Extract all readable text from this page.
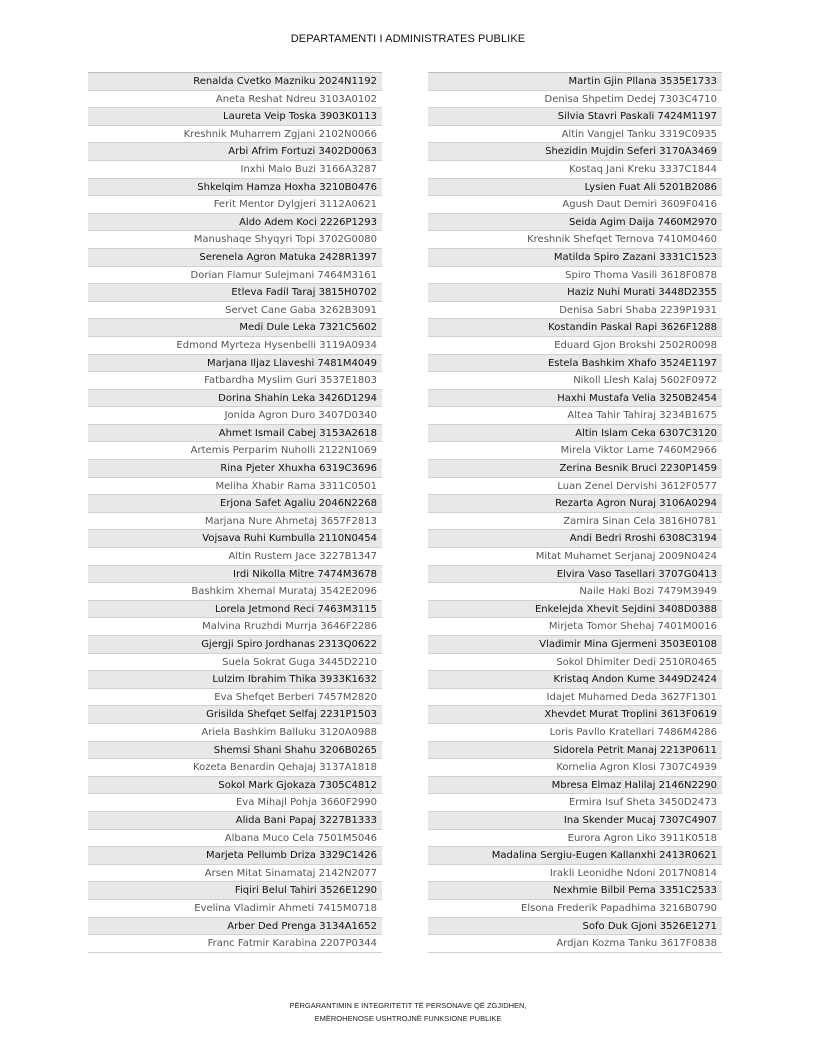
DEPARTAMENTI I ADMINISTRATES PUBLIKE
Renalda Cvetko Mazniku 2024N1192
Aneta Reshat Ndreu 3103A0102
Laureta Veip Toska 3903K0113
Kreshnik Muharrem Zgjani 2102N0066
Arbi Afrim Fortuzi 3402D0063
Inxhi Malo Buzi 3166A3287
Shkelqim Hamza Hoxha 3210B0476
Ferit Mentor Dylgjeri 3112A0621
Aldo Adem Koci 2226P1293
Manushaqe Shyqyri Topi 3702G0080
Serenela Agron Matuka 2428R1397
Dorian Flamur Sulejmani 7464M3161
Etleva Fadil Taraj 3815H0702
Servet Cane Gaba 3262B3091
Medi Dule Leka 7321C5602
Edmond Myrteza Hysenbelli 3119A0934
Marjana Iljaz Llaveshi 7481M4049
Fatbardha Myslim Guri 3537E1803
Dorina Shahin Leka 3426D1294
Jonida Agron Duro 3407D0340
Ahmet Ismail Cabej 3153A2618
Artemis Perparim Nuholli 2122N1069
Rina Pjeter Xhuxha 6319C3696
Meliha Xhabir Rama 3311C0501
Erjona Safet Agaliu 2046N2268
Marjana Nure Ahmetaj 3657F2813
Vojsava Ruhi Kumbulla 2110N0454
Altin Rustem Jace 3227B1347
Irdi Nikolla Mitre 7474M3678
Bashkim Xhemal Murataj 3542E2096
Lorela Jetmond Reci 7463M3115
Malvina Rruzhdi Murrja 3646F2286
Gjergji Spiro Jordhanas 2313Q0622
Suela Sokrat Guga 3445D2210
Lulzim Ibrahim Thika 3933K1632
Eva Shefqet Berberi 7457M2820
Grisilda Shefqet Selfaj 2231P1503
Ariela Bashkim Balluku 3120A0988
Shemsi Shani Shahu 3206B0265
Kozeta Benardin Qehajaj 3137A1818
Sokol Mark Gjokaza 7305C4812
Eva Mihajl Pohja 3660F2990
Alida Bani Papaj 3227B1333
Albana Muco Cela 7501M5046
Marjeta Pellumb Driza 3329C1426
Arsen Mitat Sinamataj 2142N2077
Fiqiri Belul Tahiri 3526E1290
Evelina Vladimir Ahmeti 7415M0718
Arber Ded Prenga 3134A1652
Franc Fatmir Karabina 2207P0344
Martin Gjin Pllana 3535E1733
Denisa Shpetim Dedej 7303C4710
Silvia Stavri Paskali 7424M1197
Altin Vangjel Tanku 3319C0935
Shezidin Mujdin Seferi 3170A3469
Kostaq Jani Kreku 3337C1844
Lysien Fuat Ali 5201B2086
Agush Daut Demiri 3609F0416
Seida Agim Daija 7460M2970
Kreshnik Shefqet Ternova 7410M0460
Matilda Spiro Zazani 3331C1523
Spiro Thoma Vasili 3618F0878
Haziz Nuhi Murati 3448D2355
Denisa Sabri Shaba 2239P1931
Kostandin Paskal Rapi 3626F1288
Eduard Gjon Brokshi 2502R0098
Estela Bashkim Xhafo 3524E1197
Nikoll Llesh Kalaj 5602F0972
Haxhi Mustafa Velia 3250B2454
Altea Tahir Tahiraj 3234B1675
Altin Islam Ceka 6307C3120
Mirela Viktor Lame 7460M2966
Zerina Besnik Bruci 2230P1459
Luan Zenel Dervishi 3612F0577
Rezarta Agron Nuraj 3106A0294
Zamira Sinan Cela 3816H0781
Andi Bedri Rroshi 6308C3194
Mitat Muhamet Serjanaj 2009N0424
Elvira Vaso Tasellari 3707G0413
Naile Haki Bozi 7479M3949
Enkelejda Xhevit Sejdini 3408D0388
Mirjeta Tomor Shehaj 7401M0016
Vladimir Mina Gjermeni 3503E0108
Sokol Dhimiter Dedi 2510R0465
Kristaq Andon Kume 3449D2424
Idajet Muhamed Deda 3627F1301
Xhevdet Murat Troplini 3613F0619
Loris Pavllo Kratellari 7486M4286
Sidorela Petrit Manaj 2213P0611
Kornelia Agron Klosi 7307C4939
Mbresa Elmaz Halilaj 2146N2290
Ermira Isuf Sheta 3450D2473
Ina Skender Mucaj 7307C4907
Eurora Agron Liko 3911K0518
Madalina Sergiu-Eugen Kallanxhi 2413R0621
Irakli Leonidhe Ndoni 2017N0814
Nexhmie Bilbil Pema 3351C2533
Elsona Frederik Papadhima 3216B0790
Sofo Duk Gjoni 3526E1271
Ardjan Kozma Tanku 3617F0838
PËRGARANTIMIN E INTEGRITETIT TË PERSONAVE QË ZGJIDHEN,
EMËROHENOSE USHTROJNË FUNKSIONE PUBLIKE
